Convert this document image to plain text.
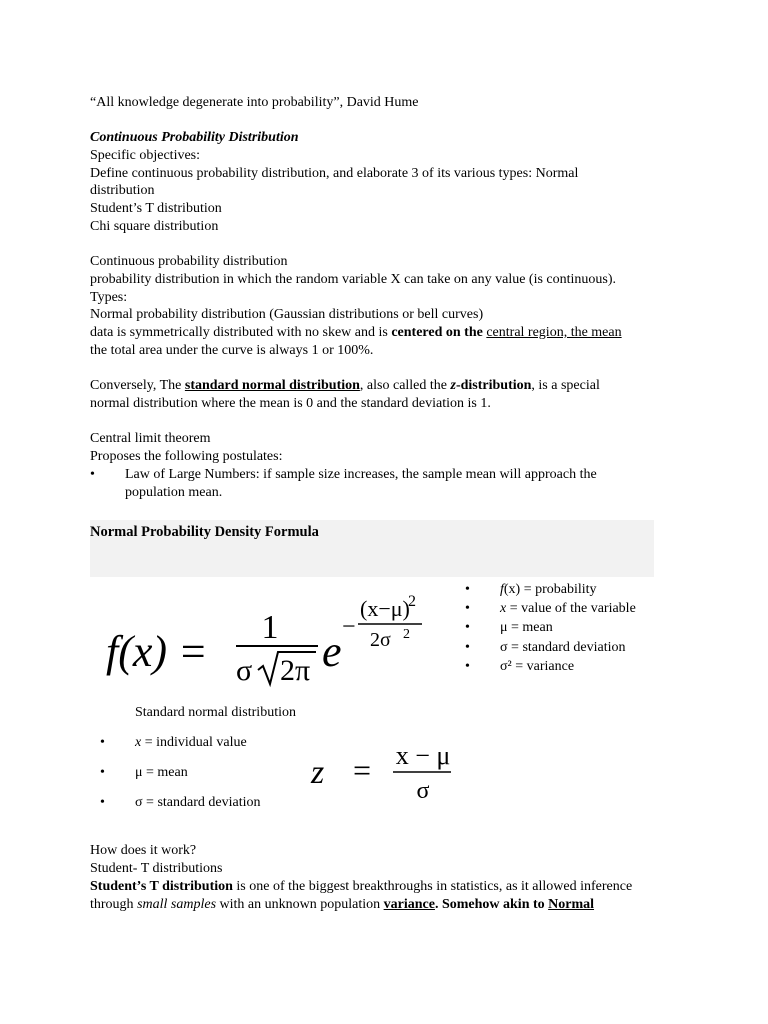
“All knowledge degenerate into probability”, David Hume
Continuous Probability Distribution
Specific objectives:
Define continuous probability distribution, and elaborate 3 of its various types: Normal
distribution
Student’s T distribution
Chi square distribution
Continuous probability distribution
probability distribution in which the random variable X can take on any value (is continuous).
Types:
Normal probability distribution (Gaussian distributions or bell curves)
data is symmetrically distributed with no skew and is centered on the central region, the mean
the total area under the curve is always 1 or 100%.
Conversely, The standard normal distribution, also called the z-distribution, is a special
normal distribution where the mean is 0 and the standard deviation is 1.
Central limit theorem
Proposes the following postulates:
• Law of Large Numbers: if sample size increases, the sample mean will approach the
population mean.
Normal Probability Density Formula
f(x) = 1
σ 2π e −
(x−μ)
2
2σ 2
• f(x) = probability
• x = value of the variable
• μ = mean
• σ = standard deviation
• σ² = variance
Standard normal distribution
• x = individual value
• μ = mean
• σ = standard deviation
z = x − μ
σ
How does it work?
Student- T distributions
Student’s T distribution is one of the biggest breakthroughs in statistics, as it allowed inference
through small samples with an unknown population variance. Somehow akin to Normal
